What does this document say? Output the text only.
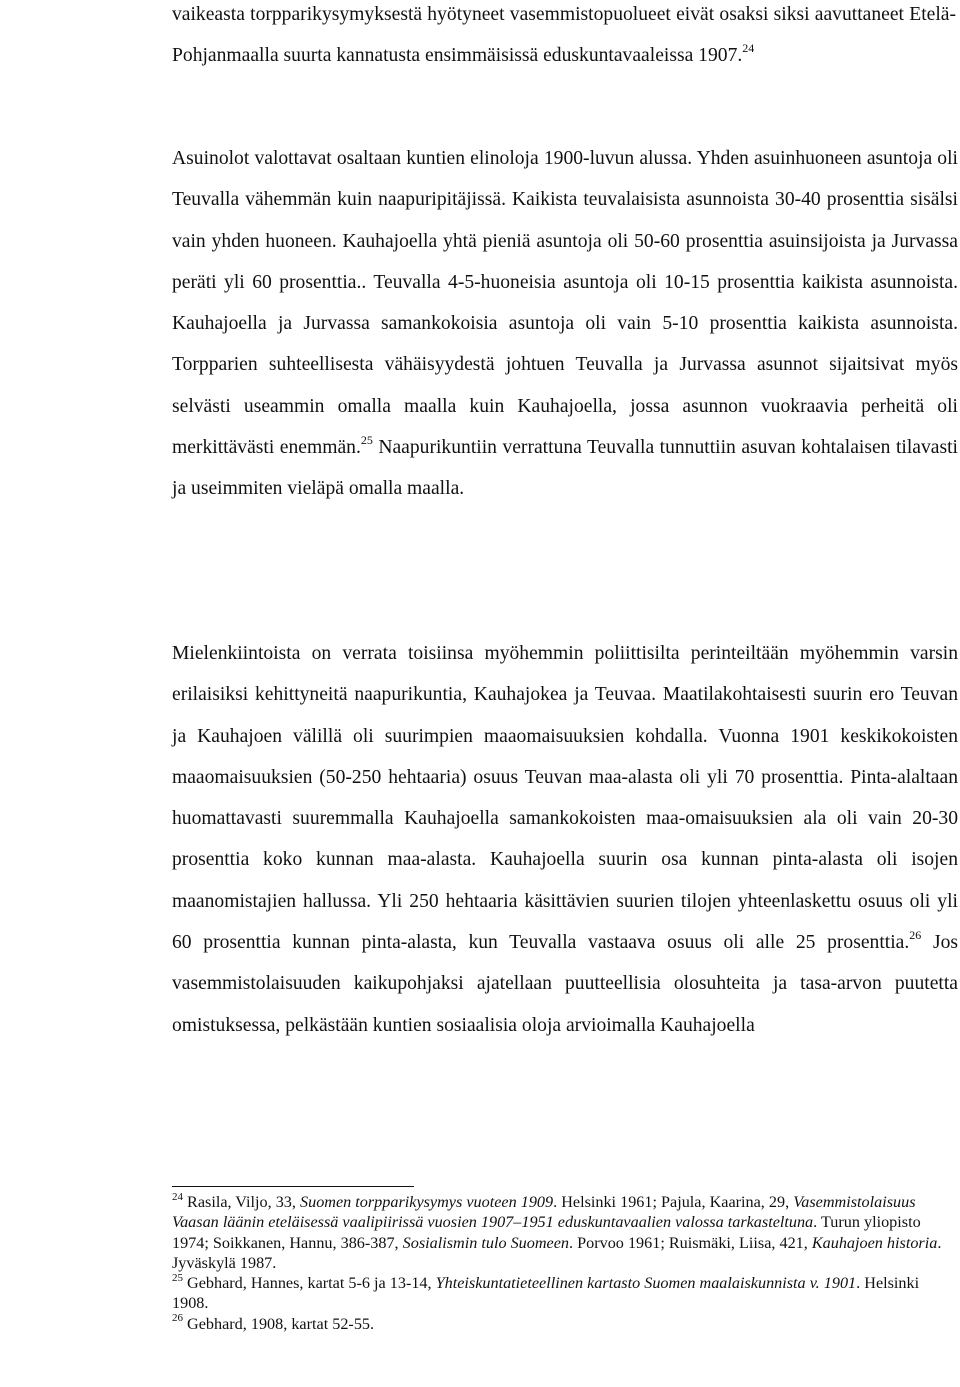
vaikeasta torpparikysymyksestä hyötyneet vasemmistopuolueet eivät osaksi siksi aavuttaneet Etelä-Pohjanmaalla suurta kannatusta ensimmäisissä eduskuntavaaleissa 1907.24

Asuinolot valottavat osaltaan kuntien elinoloja 1900-luvun alussa. Yhden asuinhuoneen asuntoja oli Teuvalla vähemmän kuin naapuripitäjissä. Kaikista teuvalaisista asunnoista 30-40 prosenttia sisälsi vain yhden huoneen. Kauhajoella yhtä pieniä asuntoja oli 50-60 prosenttia asuinsijoista ja Jurvassa peräti yli 60 prosenttia.. Teuvalla 4-5-huoneisia asuntoja oli 10-15 prosenttia kaikista asunnoista. Kauhajoella ja Jurvassa samankokoisia asuntoja oli vain 5-10 prosenttia kaikista asunnoista. Torpparien suhteellisesta vähäisyydestä johtuen Teuvalla ja Jurvassa asunnot sijaitsivat myös selvästi useammin omalla maalla kuin Kauhajoella, jossa asunnon vuokraavia perheitä oli merkittävästi enemmän.$^{25}$ Naapurikuntiin verrattuna Teuvalla tunnuttiin asuvan kohtalaisen tilavasti ja useimmiten vieläpä omalla maalla.

Mielenkiintoista on verrata toisiinsa myöhemmin poliittisilta perinteiltään myöhemmin varsin erilaisiksi kehittyneitä naapurikuntia, Kauhajokea ja Teuvaa. Maatilakohtaisesti suurin ero Teuvan ja Kauhajoen välillä oli suurimpien maaomaisuuksien kohdalla. Vuonna 1901 keskikokoisten maaomaisuuksien (50-250 hehtaaria) osuus Teuvan maa-alasta oli yli 70 prosenttia. Pinta-alaltaan huomattavasti suuremmalla Kauhajoella samankokoisten maa-omaisuuksien ala oli vain 20-30 prosenttia koko kunnan maa-alasta. Kauhajoella suurin osa kunnan pinta-alasta oli isojen maanomistajien hallussa. Yli 250 hehtaaria käsittävien suurien tilojen yhteenlaskettu osuus oli yli 60 prosenttia kunnan pinta-alasta, kun Teuvalla vastaava osuus oli alle 25 prosenttia.$^{26}$ Jos vasemmistolaisuuden kaikupohjaksi ajatellaan puutteellisia olosuhteita ja tasa-arvon puutetta omistuksessa, pelkästään kuntien sosiaalisia oloja arvioimalla Kauhajoella

$^{24}$ Rasila, Viljo, 33, Suomen torpparikysymys vuoteen 1909. Helsinki 1961; Pajula, Kaarina, 29, Vasemmistolaisuus Vaasan läänin eteläisessä vaalipiirissä vuosien 1907–1951 eduskuntavaalien valossa tarkasteltuna. Turun yliopisto 1974; Soikkanen, Hannu, 386-387, Sosialismin tulo Suomeen. Porvoo 1961; Ruismäki, Liisa, 421, Kauhajoen historia. Jyväskylä 1987.

$^{25}$ Gebhard, Hannes, kartat 5-6 ja 13-14, Yhteiskuntatieteellinen kartasto Suomen maalaiskunnista v. 1901. Helsinki 1908.

$^{26}$ Gebhard, 1908, kartat 52-55.
